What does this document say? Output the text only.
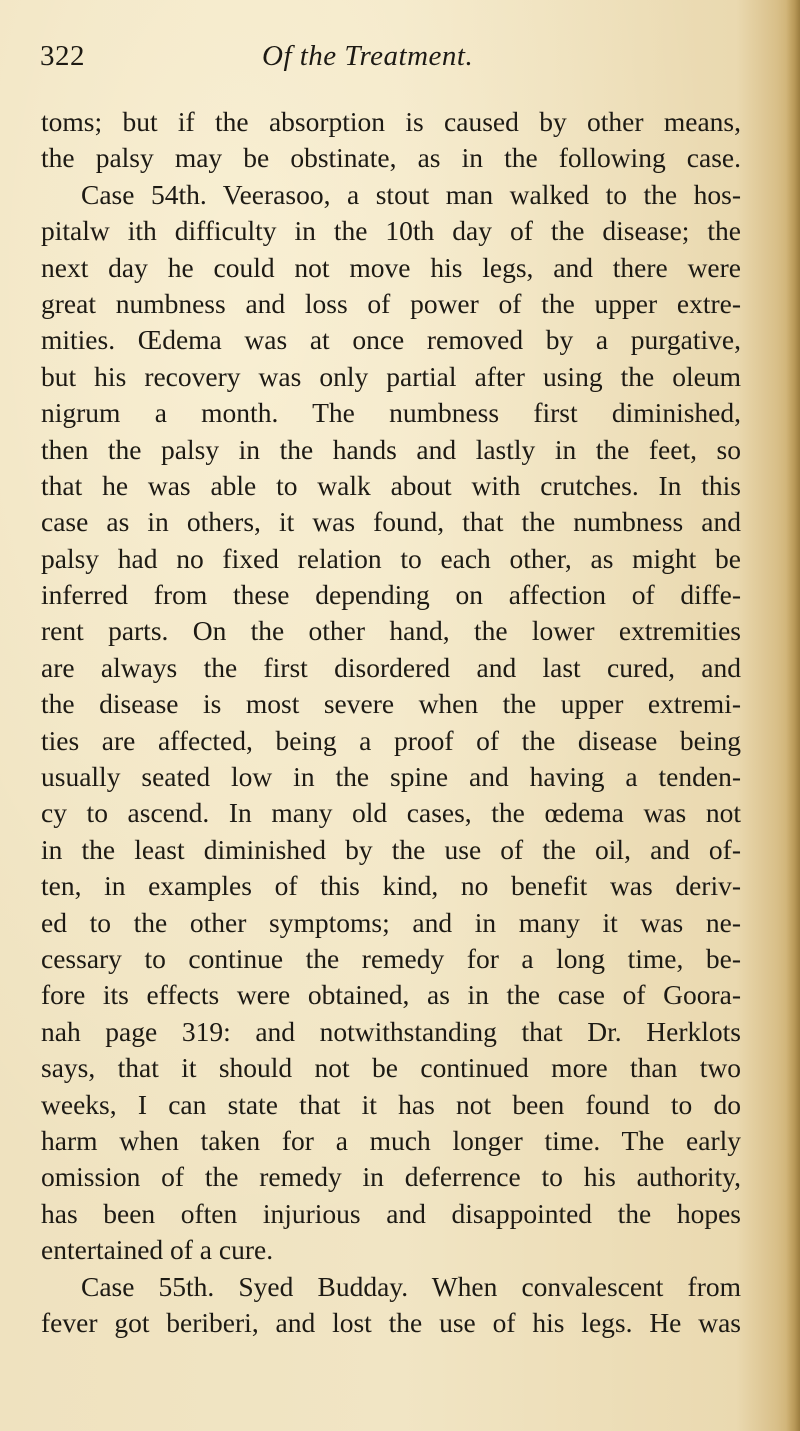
322	Of the Treatment.
toms; but if the absorption is caused by other means,
the palsy may be obstinate, as in the following case.
Case 54th. Veerasoo, a stout man walked to the hos-
pitalw ith difficulty in the 10th day of the disease; the
next day he could not move his legs, and there were
great numbness and loss of power of the upper extre-
mities. Œdema was at once removed by a purgative,
but his recovery was only partial after using the oleum
nigrum a month. The numbness first diminished,
then the palsy in the hands and lastly in the feet, so
that he was able to walk about with crutches. In this
case as in others, it was found, that the numbness and
palsy had no fixed relation to each other, as might be
inferred from these depending on affection of diffe-
rent parts. On the other hand, the lower extremities
are always the first disordered and last cured, and
the disease is most severe when the upper extremi-
ties are affected, being a proof of the disease being
usually seated low in the spine and having a tenden-
cy to ascend. In many old cases, the œdema was not
in the least diminished by the use of the oil, and of-
ten, in examples of this kind, no benefit was deriv-
ed to the other symptoms; and in many it was ne-
cessary to continue the remedy for a long time, be-
fore its effects were obtained, as in the case of Goora-
nah page 319: and notwithstanding that Dr. Herklots
says, that it should not be continued more than two
weeks, I can state that it has not been found to do
harm when taken for a much longer time. The early
omission of the remedy in deferrence to his authority,
has been often injurious and disappointed the hopes
entertained of a cure.
Case 55th. Syed Budday. When convalescent from
fever got beriberi, and lost the use of his legs. He was
